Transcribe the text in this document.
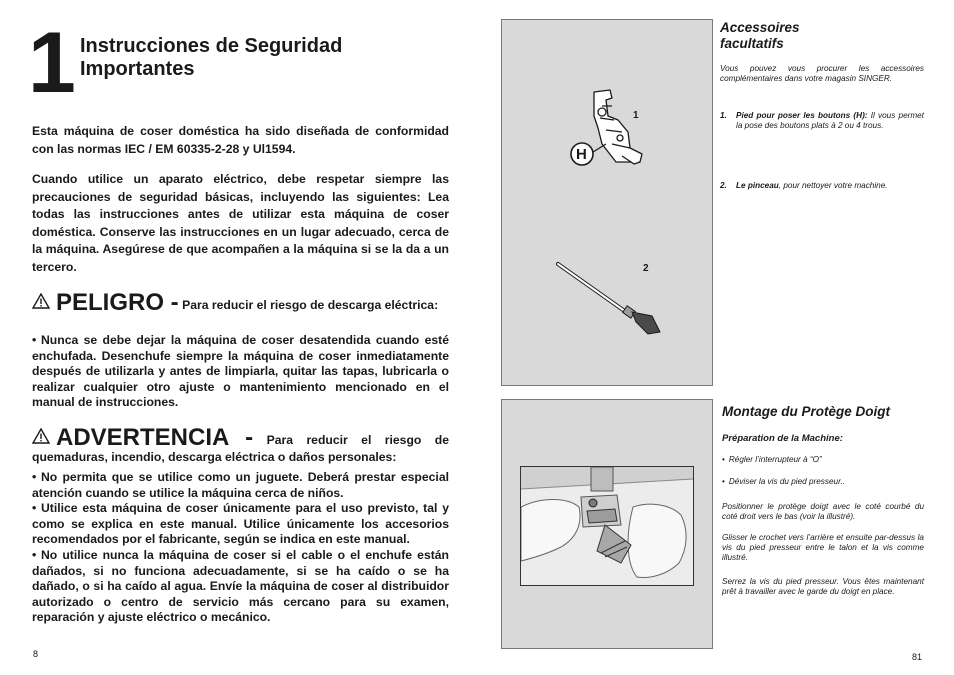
1 Instrucciones de Seguridad
Importantes

Esta máquina de coser doméstica ha sido diseñada de conformidad con las normas IEC / EM 60335-2-28 y Ul1594.

Cuando utilice un aparato eléctrico, debe respetar siempre las precauciones de seguridad básicas, incluyendo las siguientes: Lea todas las instrucciones antes de utilizar esta máquina de coser doméstica. Conserve las instrucciones en un lugar adecuado, cerca de la máquina. Asegúrese de que acompañen a la máquina si se la da a un tercero.

PELIGRO - Para reducir el riesgo de descarga eléctrica:
• Nunca se debe dejar la máquina de coser desatendida cuando esté enchufada. Desenchufe siempre la máquina de coser inmediatamente después de utilizarla y antes de limpiarla, quitar las tapas, lubricarla o realizar cualquier otro ajuste o mantenimiento mencionado en el manual de instrucciones.
ADVERTENCIA - Para reducir el riesgo de quemaduras, incendio, descarga eléctrica o daños personales:
• No permita que se utilice como un juguete. Deberá prestar especial atención cuando se utilice la máquina cerca de niños.
• Utilice esta máquina de coser únicamente para el uso previsto, tal y como se explica en este manual. Utilice únicamente los accesorios recomendados por el fabricante, según se indica en este manual.
• No utilice nunca la máquina de coser si el cable o el enchufe están dañados, si no funciona adecuadamente, si se ha caído o se ha dañado, o si ha caído al agua. Envíe la máquina de coser al distribuidor autorizado o centro de servicio más cercano para su examen, reparación y ajuste eléctrico o mecánico.
8
1
H
2
Accessoires
facultatifs
Vous pouvez vous procurer les accessoires complémentaires dans votre magasin SINGER.
1.	Pied pour poser les boutons (H): Il vous permet la pose des boutons plats à 2 ou 4 trous.
2.	Le pinceau, pour nettoyer votre machine.
Montage du Protège Doigt
Préparation de la Machine:
• Régler l’interrupteur à “O”
• Déviser la vis du pied presseur..
Positionner le protège doigt avec le coté courbé du coté droit vers le bas (voir la illustré).
Glisser le crochet vers l’arrière et ensuite par-dessus la vis du pied presseur entre le talon et la vis comme illustré.
Serrez la vis du pied presseur. Vous êtes maintenant prêt à travailler avec le garde du doigt en place.
81
